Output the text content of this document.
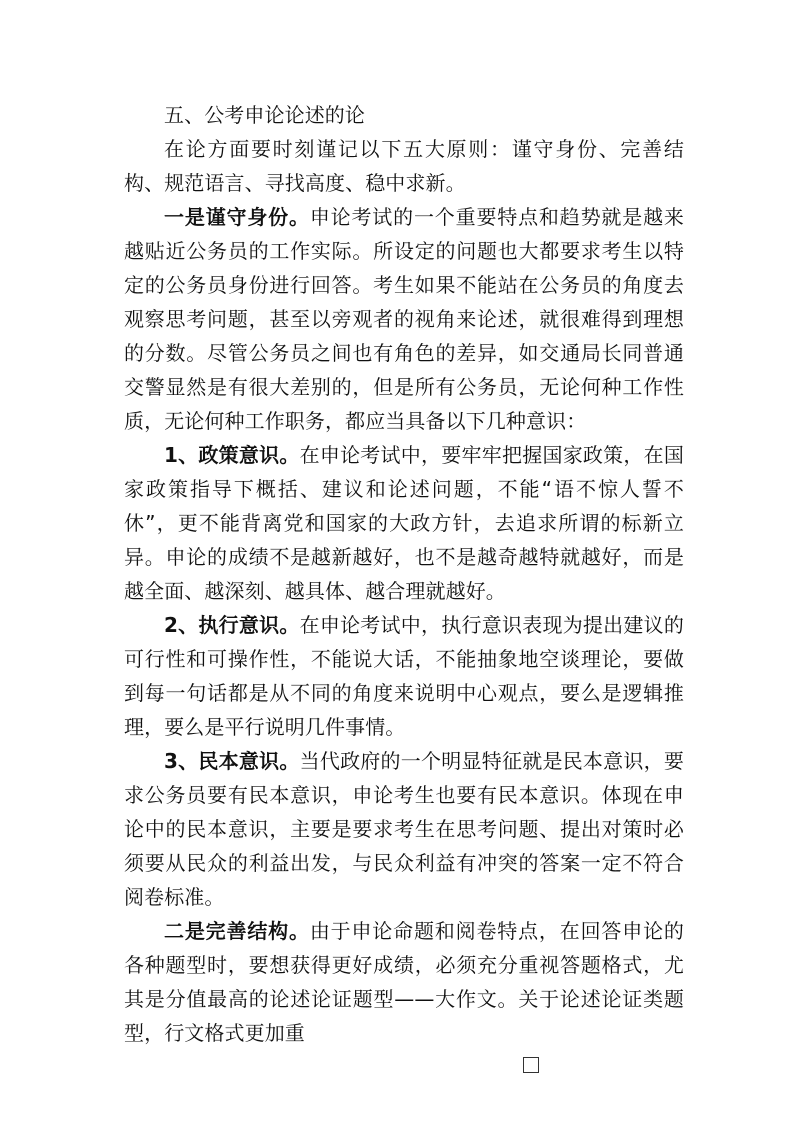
五、公考申论论述的论

在论方面要时刻谨记以下五大原则：谨守身份、完善结构、规范语言、寻找高度、稳中求新。

一是谨守身份。申论考试的一个重要特点和趋势就是越来越贴近公务员的工作实际。所设定的问题也大都要求考生以特定的公务员身份进行回答。考生如果不能站在公务员的角度去观察思考问题，甚至以旁观者的视角来论述，就很难得到理想的分数。尽管公务员之间也有角色的差异，如交通局长同普通交警显然是有很大差别的，但是所有公务员，无论何种工作性质，无论何种工作职务，都应当具备以下几种意识：

1、政策意识。在申论考试中，要牢牢把握国家政策，在国家政策指导下概括、建议和论述问题，不能“语不惊人誓不休”，更不能背离党和国家的大政方针，去追求所谓的标新立异。申论的成绩不是越新越好，也不是越奇越特就越好，而是越全面、越深刻、越具体、越合理就越好。

2、执行意识。在申论考试中，执行意识表现为提出建议的可行性和可操作性，不能说大话，不能抽象地空谈理论，要做到每一句话都是从不同的角度来说明中心观点，要么是逻辑推理，要么是平行说明几件事情。

3、民本意识。当代政府的一个明显特征就是民本意识，要求公务员要有民本意识，申论考生也要有民本意识。体现在申论中的民本意识，主要是要求考生在思考问题、提出对策时必须要从民众的利益出发，与民众利益有冲突的答案一定不符合阅卷标准。

二是完善结构。由于申论命题和阅卷特点，在回答申论的各种题型时，要想获得更好成绩，必须充分重视答题格式，尤其是分值最高的论述论证题型——大作文。关于论述论证类题型，行文格式更加重
